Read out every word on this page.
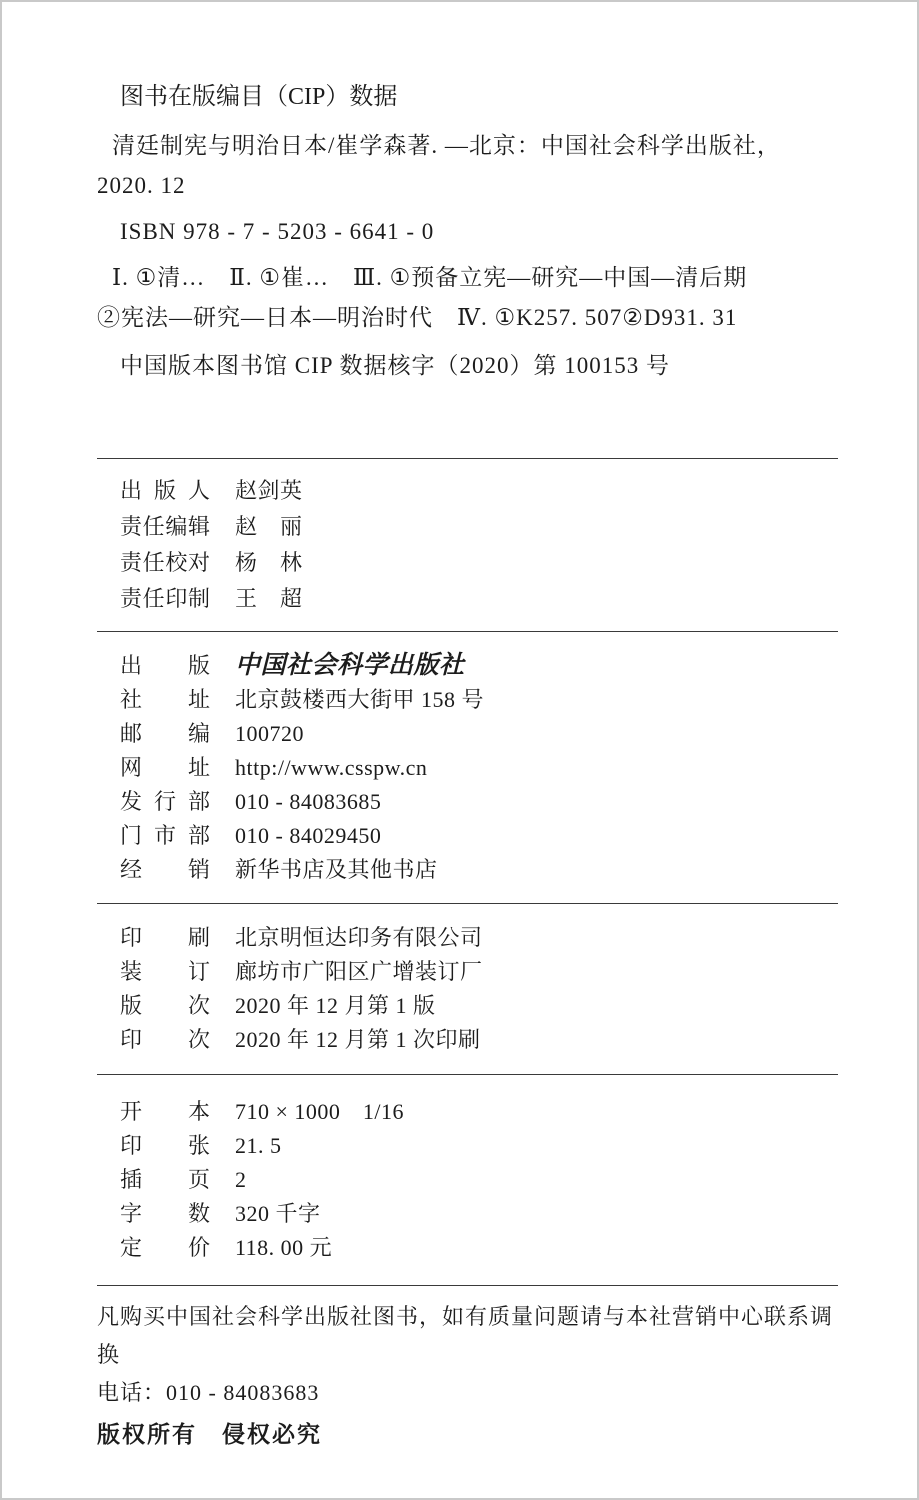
图书在版编目（CIP）数据
清廷制宪与明治日本/崔学森著. —北京：中国社会科学出版社，
2020. 12
ISBN 978 - 7 - 5203 - 6641 - 0
Ⅰ. ①清…　Ⅱ. ①崔…　Ⅲ. ①预备立宪—研究—中国—清后期
②宪法—研究—日本—明治时代　Ⅳ. ①K257. 507②D931. 31
中国版本图书馆 CIP 数据核字（2020）第 100153 号
出版人 赵剑英
责任编辑 赵　丽
责任校对 杨　林
责任印制 王　超
出版 中国社会科学出版社
社址 北京鼓楼西大街甲 158 号
邮编 100720
网址 http://www.csspw.cn
发行部 010 - 84083685
门市部 010 - 84029450
经销 新华书店及其他书店
印刷 北京明恒达印务有限公司
装订 廊坊市广阳区广增装订厂
版次 2020 年 12 月第 1 版
印次 2020 年 12 月第 1 次印刷
开本 710 × 1000　1/16
印张 21. 5
插页 2
字数 320 千字
定价 118. 00 元
凡购买中国社会科学出版社图书，如有质量问题请与本社营销中心联系调换
电话：010 - 84083683
版权所有　侵权必究
